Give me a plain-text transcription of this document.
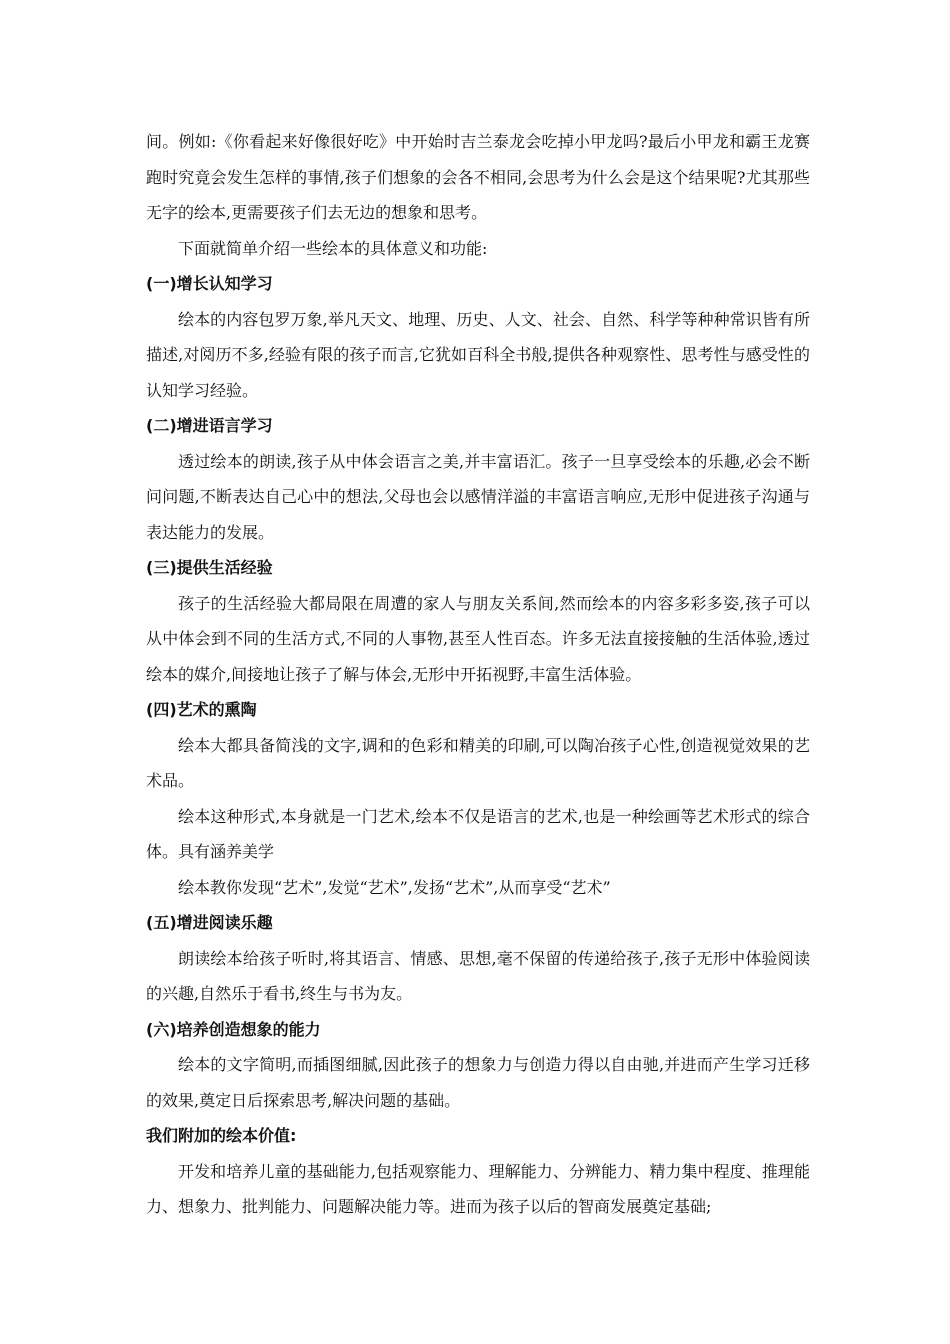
间。例如:《你看起来好像很好吃》中开始时吉兰泰龙会吃掉小甲龙吗?最后小甲龙和霸王龙赛跑时究竟会发生怎样的事情,孩子们想象的会各不相同,会思考为什么会是这个结果呢?尤其那些无字的绘本,更需要孩子们去无边的想象和思考。

下面就简单介绍一些绘本的具体意义和功能:

(一)增长认知学习

绘本的内容包罗万象,举凡天文、地理、历史、人文、社会、自然、科学等种种常识皆有所描述,对阅历不多,经验有限的孩子而言,它犹如百科全书般,提供各种观察性、思考性与感受性的认知学习经验。

(二)增进语言学习

透过绘本的朗读,孩子从中体会语言之美,并丰富语汇。孩子一旦享受绘本的乐趣,必会不断问问题,不断表达自己心中的想法,父母也会以感情洋溢的丰富语言响应,无形中促进孩子沟通与表达能力的发展。

(三)提供生活经验

孩子的生活经验大都局限在周遭的家人与朋友关系间,然而绘本的内容多彩多姿,孩子可以从中体会到不同的生活方式,不同的人事物,甚至人性百态。许多无法直接接触的生活体验,透过绘本的媒介,间接地让孩子了解与体会,无形中开拓视野,丰富生活体验。

(四)艺术的熏陶

绘本大都具备简浅的文字,调和的色彩和精美的印刷,可以陶冶孩子心性,创造视觉效果的艺术品。

绘本这种形式,本身就是一门艺术,绘本不仅是语言的艺术,也是一种绘画等艺术形式的综合体。具有涵养美学

绘本教你发现“艺术”,发觉“艺术”,发扬“艺术”,从而享受“艺术”

(五)增进阅读乐趣

朗读绘本给孩子听时,将其语言、情感、思想,毫不保留的传递给孩子,孩子无形中体验阅读的兴趣,自然乐于看书,终生与书为友。

(六)培养创造想象的能力

绘本的文字简明,而插图细腻,因此孩子的想象力与创造力得以自由驰,并进而产生学习迁移的效果,奠定日后探索思考,解决问题的基础。

我们附加的绘本价值:

开发和培养儿童的基础能力,包括观察能力、理解能力、分辨能力、精力集中程度、推理能力、想象力、批判能力、问题解决能力等。进而为孩子以后的智商发展奠定基础;
